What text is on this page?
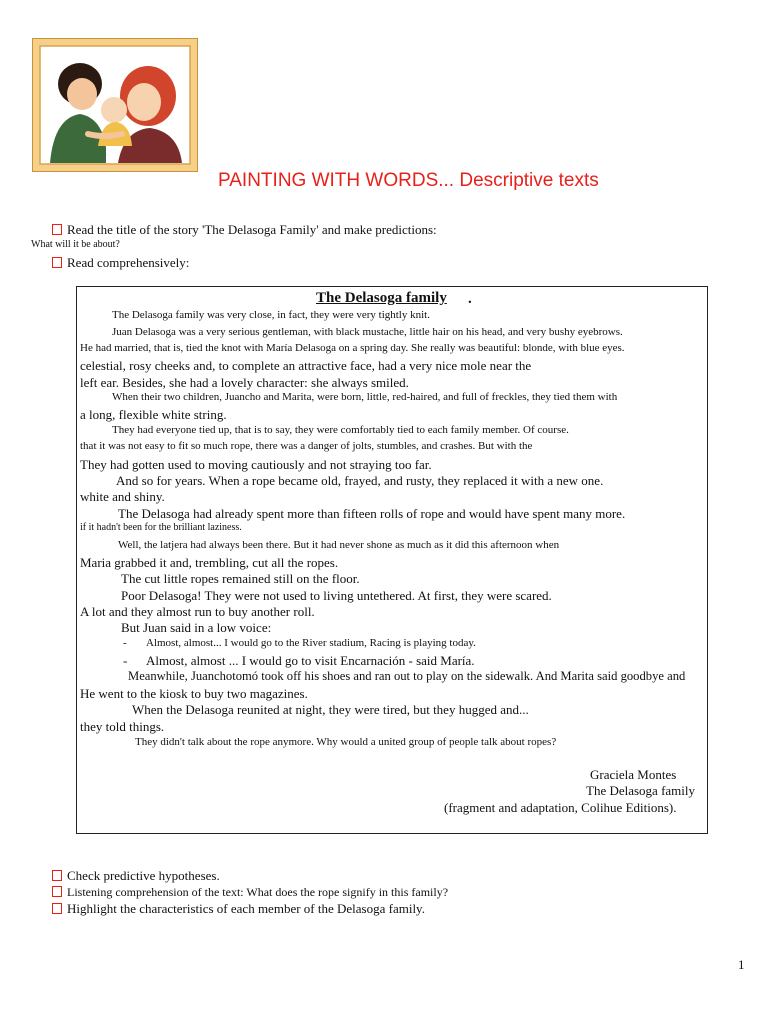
PAINTING WITH WORDS... Descriptive texts
Read the title of the story 'The Delasoga Family' and make predictions:
What will it be about?
Read comprehensively:
The Delasoga family .
The Delasoga family was very close, in fact, they were very tightly knit.
Juan Delasoga was a very serious gentleman, with black mustache, little hair on his head, and very bushy eyebrows.
He had married, that is, tied the knot with María Delasoga on a spring day. She really was beautiful: blonde, with blue eyes.
celestial, rosy cheeks and, to complete an attractive face, had a very nice mole near the
left ear. Besides, she had a lovely character: she always smiled.
When their two children, Juancho and Marita, were born, little, red-haired, and full of freckles, they tied them with
a long, flexible white string.
They had everyone tied up, that is to say, they were comfortably tied to each family member. Of course.
that it was not easy to fit so much rope, there was a danger of jolts, stumbles, and crashes. But with the
They had gotten used to moving cautiously and not straying too far.
And so for years. When a rope became old, frayed, and rusty, they replaced it with a new one.
white and shiny.
The Delasoga had already spent more than fifteen rolls of rope and would have spent many more.
if it hadn't been for the brilliant laziness.
Well, the latjera had always been there. But it had never shone as much as it did this afternoon when
Maria grabbed it and, trembling, cut all the ropes.
The cut little ropes remained still on the floor.
Poor Delasoga! They were not used to living untethered. At first, they were scared.
A lot and they almost run to buy another roll.
But Juan said in a low voice:
- Almost, almost... I would go to the River stadium, Racing is playing today.
- Almost, almost ... I would go to visit Encarnación - said María.
Meanwhile, Juanchotomó took off his shoes and ran out to play on the sidewalk. And Marita said goodbye and
He went to the kiosk to buy two magazines.
When the Delasoga reunited at night, they were tired, but they hugged and...
they told things.
They didn't talk about the rope anymore. Why would a united group of people talk about ropes?
Graciela Montes
The Delasoga family
(fragment and adaptation, Colihue Editions).
Check predictive hypotheses.
Listening comprehension of the text: What does the rope signify in this family?
Highlight the characteristics of each member of the Delasoga family.
1
